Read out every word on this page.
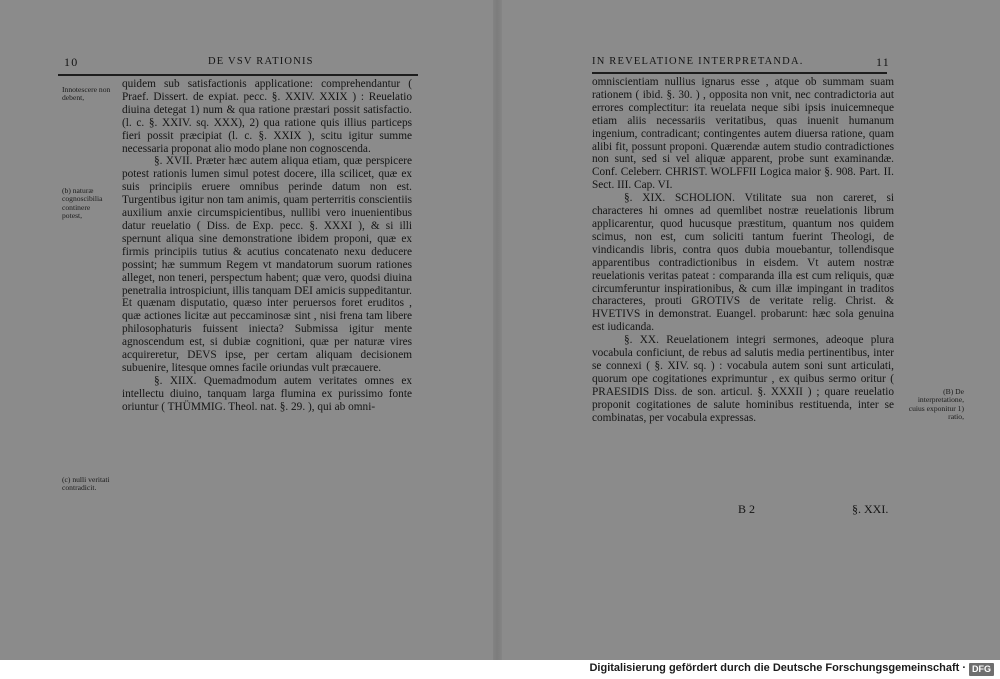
10	DE VSV RATIONIS
Innotescere non debent,
(b) naturæ cognoscibilia continere potest,
(c) nulli veritati contradicit.

quidem sub satisfactionis applicatione: comprehendantur ( Praef. Dissert. de expiat. pecc. §. XXIV. XXIX ) : Reuelatio diuina detegat 1) num & qua ratione præstari possit satisfactio. (l. c. §. XXIV. sq. XXX), 2) qua ratione quis illius particeps fieri possit præcipiat (l. c. §. XXIX ), scitu igitur summe necessaria proponat alio modo plane non cognoscenda.

§. XVII. Præter hæc autem aliqua etiam, quæ perspicere potest rationis lumen simul potest docere, illa scilicet, quæ ex suis principiis eruere omnibus perinde datum non est. Turgentibus igitur non tam animis, quam perterritis conscientiis auxilium anxie circumspicientibus, nullibi vero inuenientibus datur reuelatio ( Diss. de Exp. pecc. §. XXXI ), & si illi spernunt aliqua sine demonstratione ibidem proponi, quæ ex firmis principiis tutius & acutius concatenato nexu deducere possint; hæ summum Regem vt mandatorum suorum rationes alleget, non teneri, perspectum habent; quæ vero, quodsi diuina penetralia introspiciunt, illis tanquam DEI amicis suppeditantur. Et quænam disputatio, quæso inter peruersos foret eruditos , quæ actiones licitæ aut peccaminosæ sint , nisi frena tam libere philosophaturis fuissent iniecta? Submissa igitur mente agnoscendum est, si dubiæ cognitioni, quæ per naturæ vires acquireretur, DEVS ipse, per certam aliquam decisionem subuenire, litesque omnes facile oriundas vult præcauere.

§. XIIX. Quemadmodum autem veritates omnes ex intellectu diuino, tanquam larga flumina ex purissimo fonte oriuntur ( THÜMMIG. Theol. nat. §. 29. ), qui ab omni-

IN REVELATIONE INTERPRETANDA.	11
(B) De interpretatione, cuius exponitur 1) ratio,

omniscientiam nullius ignarus esse , atque ob summam suam rationem ( ibid. §. 30. ) , opposita non vnit, nec contradictoria aut errores complectitur: ita reuelata neque sibi ipsis inuicemneque etiam aliis necessariis veritatibus, quas inuenit humanum ingenium, contradicant; contingentes autem diuersa ratione, quam alibi fit, possunt proponi. Quærendæ autem studio contradictiones non sunt, sed si vel aliquæ apparent, probe sunt examinandæ. Conf. Celeberr. CHRIST. WOLFFII Logica maior §. 908. Part. II. Sect. III. Cap. VI.

§. XIX. SCHOLION. Vtilitate sua non careret, si characteres hi omnes ad quemlibet nostræ reuelationis librum applicarentur, quod hucusque præstitum, quantum nos quidem scimus, non est, cum soliciti tantum fuerint Theologi, de vindicandis libris, contra quos dubia mouebantur, tollendisque apparentibus contradictionibus in eisdem. Vt autem nostræ reuelationis veritas pateat : comparanda illa est cum reliquis, quæ circumferuntur inspirationibus, & cum illæ impingant in traditos characteres, prouti GROTIVS de veritate relig. Christ. & HVETIVS in demonstrat. Euangel. probarunt: hæc sola genuina est iudicanda.

§. XX. Reuelationem integri sermones, adeoque plura vocabula conficiunt, de rebus ad salutis media pertinentibus, inter se connexi ( §. XIV. sq. ) : vocabula autem soni sunt articulati, quorum ope cogitationes exprimuntur , ex quibus sermo oritur ( PRAESIDIS Diss. de son. articul. §. XXXII ) ; quare reuelatio proponit cogitationes de salute hominibus restituenda, inter se combinatas, per vocabula expressas.

B 2	§. XXI.
Digitalisierung gefördert durch die Deutsche Forschungsgemeinschaft · DFG
